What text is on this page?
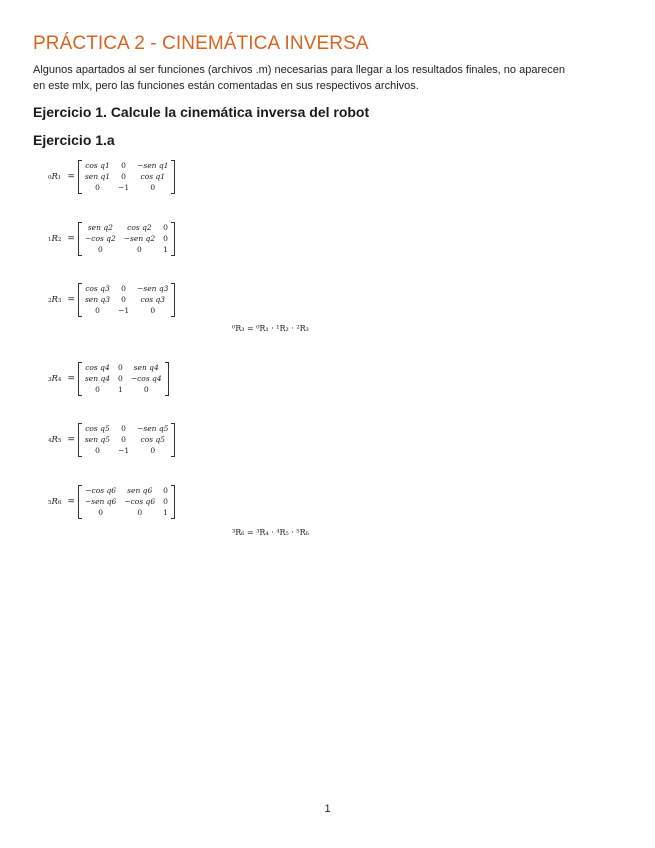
PRÁCTICA 2 - CINEMÁTICA INVERSA
Algunos apartados al ser funciones (archivos .m) necesarias para llegar a los resultados finales, no aparecen
en este mlx, pero las funciones están comentadas en sus respectivos archivos.
Ejercicio 1. Calcule la cinemática inversa del robot
Ejercicio 1.a
0 R 1 =
cos q1	0	−sen q1
sen q1	0	cos q1
0	−1	0
1 R 2 =
sen q2	cos q2	0
−cos q2	−sen q2	0
0	0	1
2 R 3 =
cos q3	0	−sen q3
sen q3	0	cos q3
0	−1	0
3 R 4 =
cos q4	0	sen q4
sen q4	0	−cos q4
0	1	0
4 R 5 =
cos q5	0	−sen q5
sen q5	0	cos q5
0	−1	0
5 R 6 =
−cos q6	sen q6	0
−sen q6	−cos q6	0
0	0	1
⁰R₃ = ⁰R₁ · ¹R₂ · ²R₃
³R₆ = ³R₄ · ⁴R₅ · ⁵R₆
1
